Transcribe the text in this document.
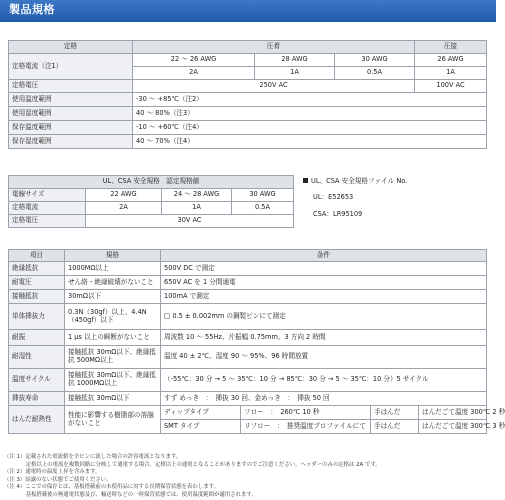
製品規格
定格	圧着			圧接
定格電流（注1）	22 ～ 26 AWG	28 AWG	30 AWG	26 AWG
	2A	1A	0.5A	1A
定格電圧	250V AC			100V AC
使用温度範囲	-30 ～ +85℃（注2）			
使用湿度範囲	40 ～ 80%（注3）			
保存温度範囲	-10 ～ +60℃（注4）			
保存湿度範囲	40 ～ 70%（注4）			
UL、CSA 安全規格　認定規格値			
電線サイズ	22 AWG	24 ～ 28 AWG	30 AWG
定格電流	2A	1A	0.5A
定格電圧	30V AC		
UL、CSA 安全規格ファイル No.
UL：E52653
CSA：LR95109
項目	規格	条件			
絶縁抵抗	1000MΩ以上	500V DC で測定			
耐電圧	せん絡・絶縁破壊がないこと	650V AC を 1 分間通電			
接触抵抗	30mΩ以下	100mA で測定			
単体挿抜力	0.3N（30gf）以上、4.4N（450gf）以下	□ 0.5 ± 0.002mm の鋼製ピンにて測定			
耐振	1 μs 以上の瞬断がないこと	周波数 10 ～ 55Hz、片振幅 0.75mm、3 方向 2 時間			
耐湿性	接触抵抗 30mΩ以下、絶縁抵抗 500MΩ以上	温度 40 ± 2℃、湿度 90 ～ 95%、96 時間放置			
温度サイクル	接触抵抗 30mΩ以下、絶縁抵抗 1000MΩ以上	（-55℃：30 分 → 5 ～ 35℃：10 分 → 85℃：30 分 → 5 ～ 35℃：10 分）5 サイクル			
挿抜寿命	接触抵抗 30mΩ以下	すず めっき　：　挿抜 30 回、金めっき　：　挿抜 50 回			
はんだ耐熱性	性能に影響する樹脂部の溶融がないこと	ディップタイプ	フロー　：　260℃ 10 秒	手はんだ	はんだごて温度 300℃ 2 秒
		SMT タイプ	リフロー　：　推奨温度プロファイルにて	手はんだ	はんだごて温度 300℃ 3 秒
（注 1）記載された電流値を全ピンに流した場合の許容電流となります。
　　　　定格以上の電流を複数回路に分岐して通電する場合、定格以上の通電となることがありますのでご注意ください。ヘッダーのみの定格は 2A です。
（注 2）通電時の温度上昇を含みます。
（注 3）結露のない状態でご使用ください。
（注 4）ここでの保存とは、基板搭載前の未使用品に対する長期保管状態を表わします。
　　　　基板搭載後の無通電状態及び、輸送時などの一時保管状態では、使用温度範囲が適用されます。
